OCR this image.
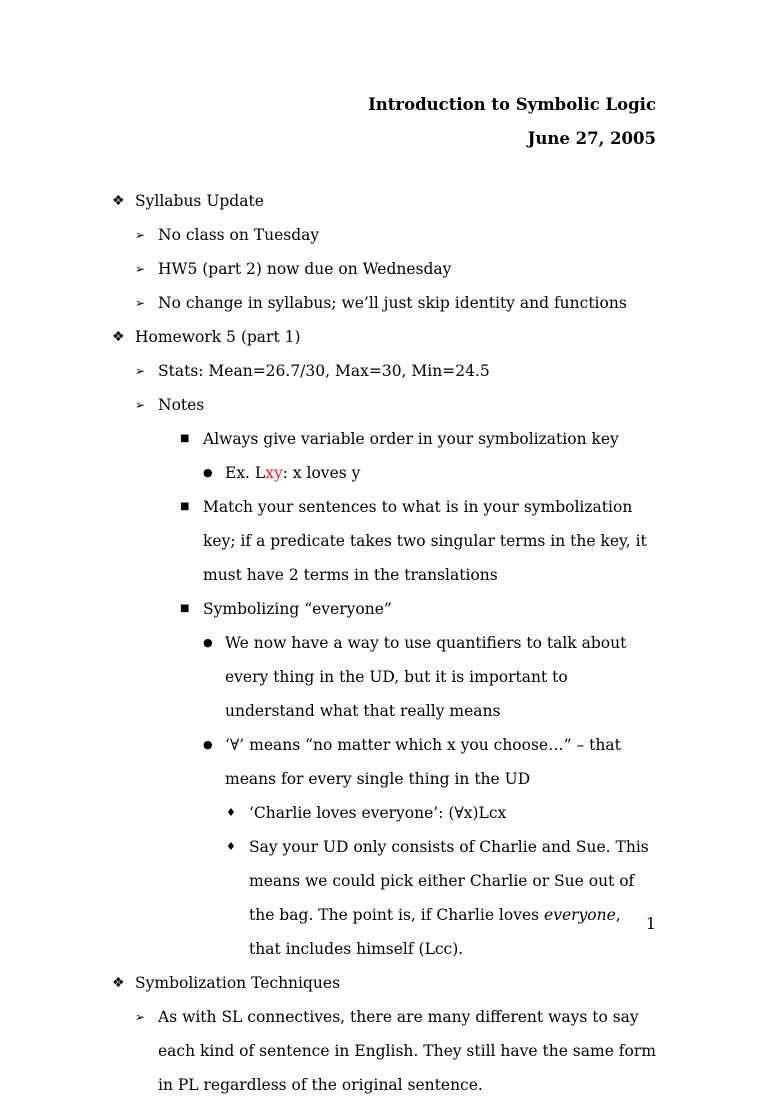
Introduction to Symbolic Logic
June 27, 2005
❖ Syllabus Update
➢ No class on Tuesday
➢ HW5 (part 2) now due on Wednesday
➢ No change in syllabus; we’ll just skip identity and functions
❖ Homework 5 (part 1)
➢ Stats: Mean=26.7/30, Max=30, Min=24.5
➢ Notes
■ Always give variable order in your symbolization key
● Ex. Lxy: x loves y
■ Match your sentences to what is in your symbolization key; if a predicate takes two singular terms in the key, it must have 2 terms in the translations
■ Symbolizing “everyone”
● We now have a way to use quantifiers to talk about every thing in the UD, but it is important to understand what that really means
● ‘∀’ means “no matter which x you choose…” – that means for every single thing in the UD
♦ ‘Charlie loves everyone’: (∀x)Lcx
♦ Say your UD only consists of Charlie and Sue. This means we could pick either Charlie or Sue out of the bag. The point is, if Charlie loves everyone, that includes himself (Lcc).
❖ Symbolization Techniques
➢ As with SL connectives, there are many different ways to say each kind of sentence in English. They still have the same form in PL regardless of the original sentence.
1
